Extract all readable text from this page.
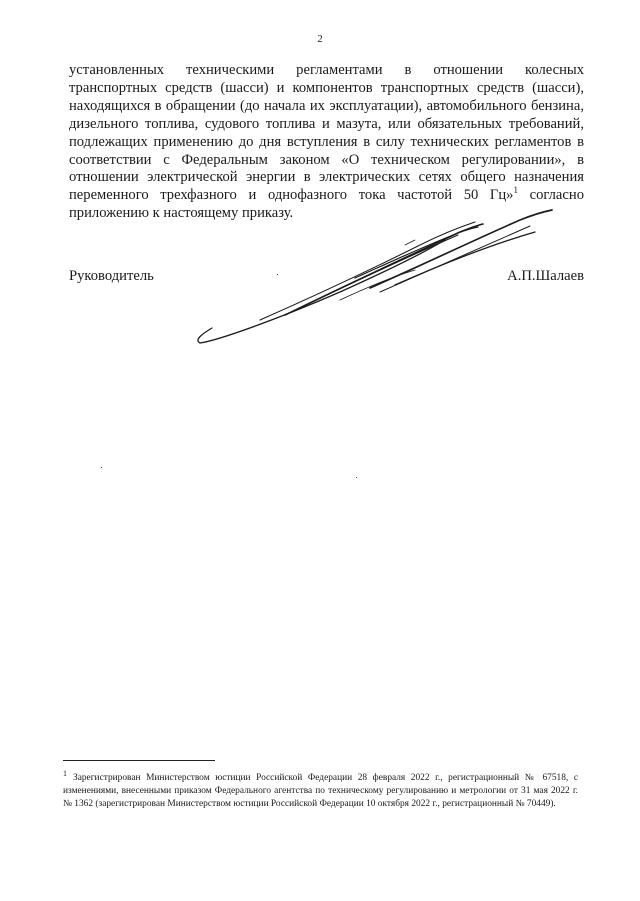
2

установленных техническими регламентами в отношении колесных транспортных средств (шасси) и компонентов транспортных средств (шасси), находящихся в обращении (до начала их эксплуатации), автомобильного бензина, дизельного топлива, судового топлива и мазута, или обязательных требований, подлежащих применению до дня вступления в силу технических регламентов в соответствии с Федеральным законом «О техническом регулировании», в отношении электрической энергии в электрических сетях общего назначения переменного трехфазного и однофазного тока частотой 50 Гц»$^1$ согласно приложению к настоящему приказу.

Руководитель	А.П.Шалаев

1 Зарегистрирован Министерством юстиции Российской Федерации 28 февраля 2022 г., регистрационный № 67518, с изменениями, внесенными приказом Федерального агентства по техническому регулированию и метрологии от 31 мая 2022 г. № 1362 (зарегистрирован Министерством юстиции Российской Федерации 10 октября 2022 г., регистрационный № 70449).
